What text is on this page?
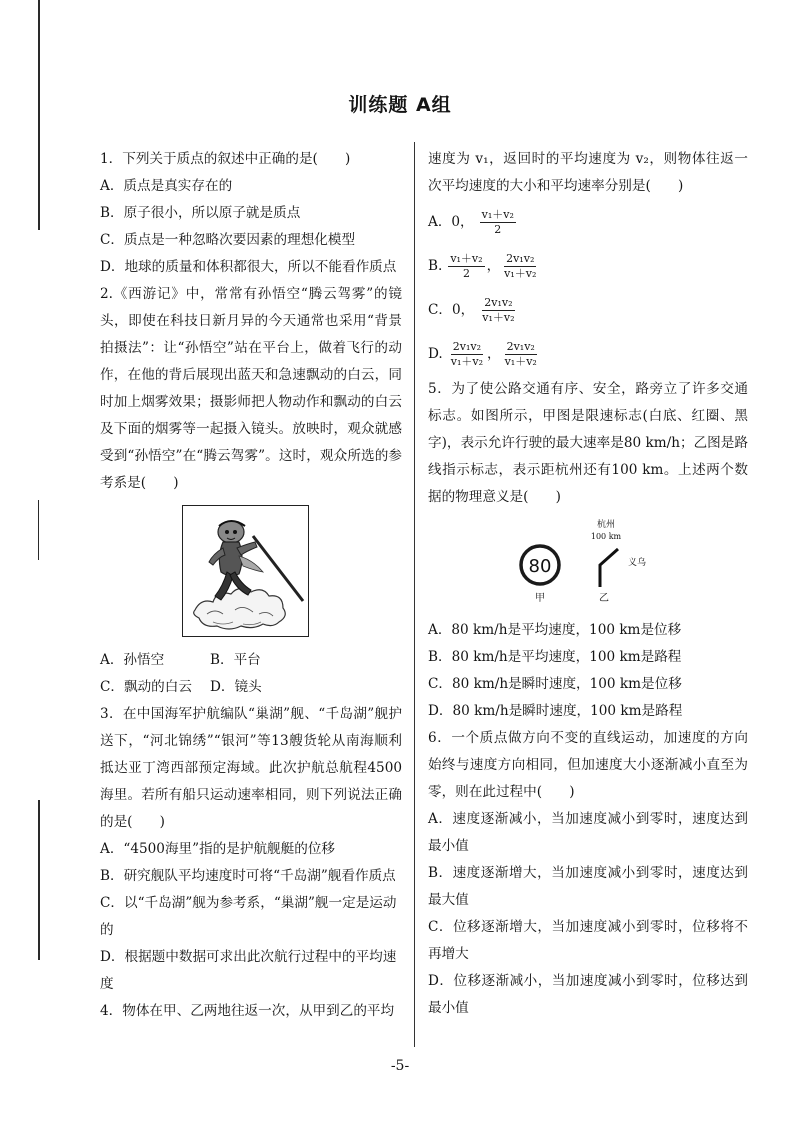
训练题 A组

1．下列关于质点的叙述中正确的是(　　)

A．质点是真实存在的

B．原子很小，所以原子就是质点

C．质点是一种忽略次要因素的理想化模型

D．地球的质量和体积都很大，所以不能看作质点

2.《西游记》中，常常有孙悟空“腾云驾雾”的镜头，即使在科技日新月异的今天通常也采用“背景拍摄法”：让“孙悟空”站在平台上，做着飞行的动作，在他的背后展现出蓝天和急速飘动的白云，同时加上烟雾效果；摄影师把人物动作和飘动的白云及下面的烟雾等一起摄入镜头。放映时，观众就感受到“孙悟空”在“腾云驾雾”。这时，观众所选的参考系是(　　)

A．孙悟空	B．平台

C．飘动的白云 D．镜头

3．在中国海军护航编队“巢湖”舰、“千岛湖”舰护送下，“河北锦绣”“银河”等13艘货轮从南海顺利抵达亚丁湾西部预定海域。此次护航总航程4500海里。若所有船只运动速率相同，则下列说法正确的是(　　)

A．“4500海里”指的是护航舰艇的位移

B．研究舰队平均速度时可将“千岛湖”舰看作质点

C．以“千岛湖”舰为参考系，“巢湖”舰一定是运动的

D．根据题中数据可求出此次航行过程中的平均速度

4．物体在甲、乙两地往返一次，从甲到乙的平均

速度为 v₁，返回时的平均速度为 v₂，则物体往返一次平均速度的大小和平均速率分别是(　　)

A．0， $\frac{\text{v₁＋v₂}}{2}$
B. $\frac{\text{v₁＋v₂}}{2}$ ， $\frac{\text{2v₁v₂}}{\text{v₁＋v₂}}$
C．0， $\frac{\text{2v₁v₂}}{\text{v₁＋v₂}}$
D. $\frac{\text{2v₁v₂}}{\text{v₁＋v₂}}$ ， $\frac{\text{2v₁v₂}}{\text{v₁＋v₂}}$

5．为了使公路交通有序、安全，路旁立了许多交通标志。如图所示，甲图是限速标志(白底、红圈、黑字)，表示允许行驶的最大速率是80 km/h；乙图是路线指示标志，表示距杭州还有100 km。上述两个数据的物理意义是(　　)

80
甲
杭州
100 km
义乌
乙

A．80 km/h是平均速度，100 km是位移

B．80 km/h是平均速度，100 km是路程

C．80 km/h是瞬时速度，100 km是位移

D．80 km/h是瞬时速度，100 km是路程

6．一个质点做方向不变的直线运动，加速度的方向始终与速度方向相同，但加速度大小逐渐减小直至为零，则在此过程中(　　)

A．速度逐渐减小，当加速度减小到零时，速度达到最小值

B．速度逐渐增大，当加速度减小到零时，速度达到最大值

C．位移逐渐增大，当加速度减小到零时，位移将不再增大

D．位移逐渐减小，当加速度减小到零时，位移达到最小值

-5-
